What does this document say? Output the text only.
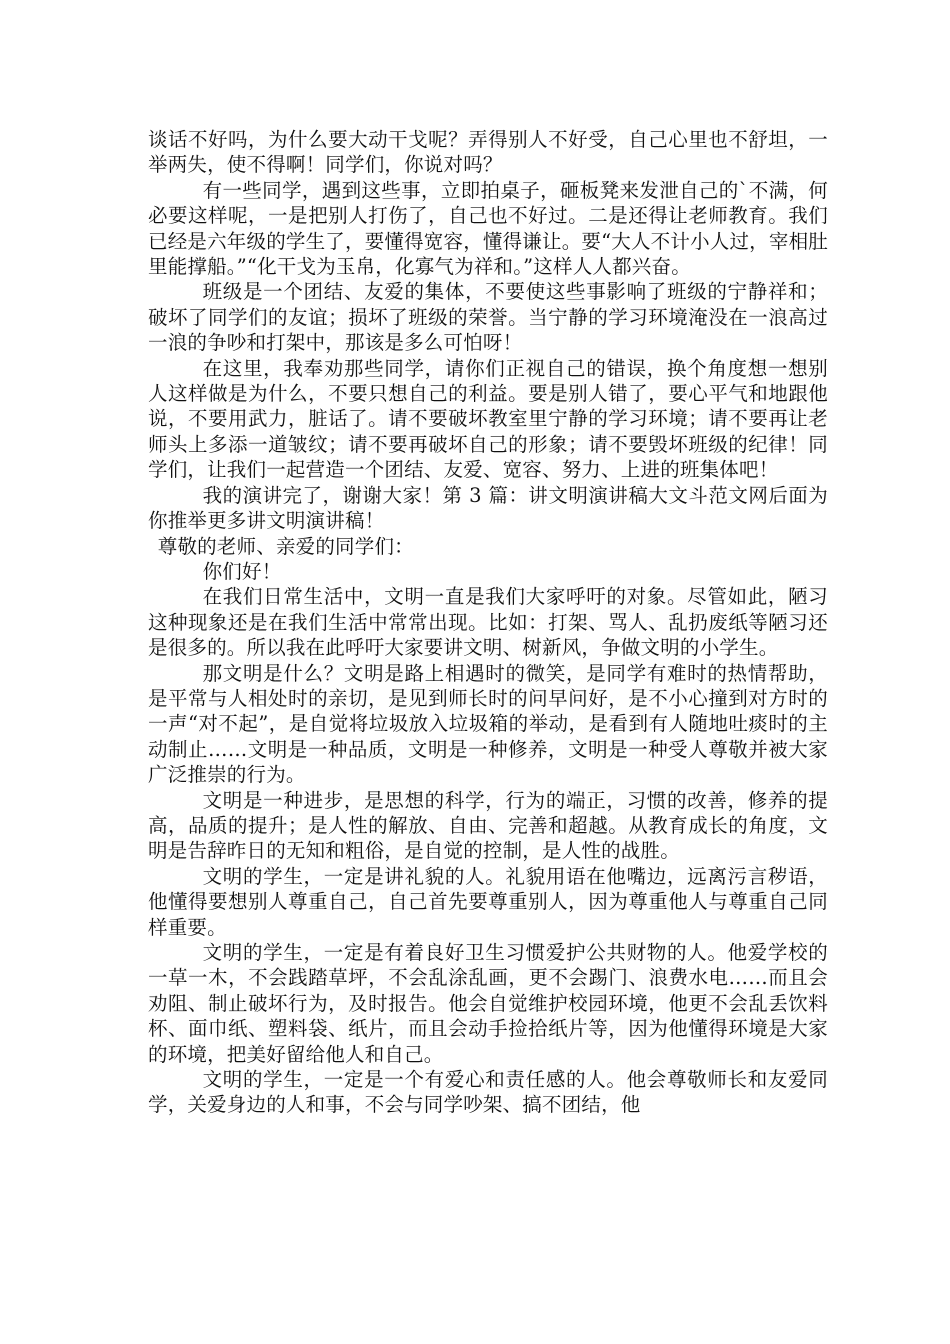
谈话不好吗，为什么要大动干戈呢？弄得别人不好受，自己心里也不舒坦，一举两失，使不得啊！同学们，你说对吗？

有一些同学，遇到这些事，立即拍桌子，砸板凳来发泄自己的`不满，何必要这样呢，一是把别人打伤了，自己也不好过。二是还得让老师教育。我们已经是六年级的学生了，要懂得宽容，懂得谦让。要“大人不计小人过，宰相肚里能撑船。”“化干戈为玉帛，化寡气为祥和。”这样人人都兴奋。

班级是一个团结、友爱的集体，不要使这些事影响了班级的宁静祥和；破坏了同学们的友谊；损坏了班级的荣誉。当宁静的学习环境淹没在一浪高过一浪的争吵和打架中，那该是多么可怕呀！

在这里，我奉劝那些同学，请你们正视自己的错误，换个角度想一想别人这样做是为什么，不要只想自己的利益。要是别人错了，要心平气和地跟他说，不要用武力，脏话了。请不要破坏教室里宁静的学习环境；请不要再让老师头上多添一道皱纹；请不要再破坏自己的形象；请不要毁坏班级的纪律！同学们，让我们一起营造一个团结、友爱、宽容、努力、上进的班集体吧！

我的演讲完了，谢谢大家！第 3 篇：讲文明演讲稿大文斗范文网后面为你推举更多讲文明演讲稿！

尊敬的老师、亲爱的同学们：

你们好！

在我们日常生活中，文明一直是我们大家呼吁的对象。尽管如此，陋习这种现象还是在我们生活中常常出现。比如：打架、骂人、乱扔废纸等陋习还是很多的。所以我在此呼吁大家要讲文明、树新风，争做文明的小学生。

那文明是什么？文明是路上相遇时的微笑，是同学有难时的热情帮助，是平常与人相处时的亲切，是见到师长时的问早问好，是不小心撞到对方时的一声“对不起”，是自觉将垃圾放入垃圾箱的举动，是看到有人随地吐痰时的主动制止……文明是一种品质，文明是一种修养，文明是一种受人尊敬并被大家广泛推崇的行为。

文明是一种进步，是思想的科学，行为的端正，习惯的改善，修养的提高，品质的提升；是人性的解放、自由、完善和超越。从教育成长的角度，文明是告辞昨日的无知和粗俗，是自觉的控制，是人性的战胜。

文明的学生，一定是讲礼貌的人。礼貌用语在他嘴边，远离污言秽语，他懂得要想别人尊重自己，自己首先要尊重别人，因为尊重他人与尊重自己同样重要。

文明的学生，一定是有着良好卫生习惯爱护公共财物的人。他爱学校的一草一木，不会践踏草坪，不会乱涂乱画，更不会踢门、浪费水电……而且会劝阻、制止破坏行为，及时报告。他会自觉维护校园环境，他更不会乱丢饮料杯、面巾纸、塑料袋、纸片，而且会动手捡拾纸片等，因为他懂得环境是大家的环境，把美好留给他人和自己。

文明的学生，一定是一个有爱心和责任感的人。他会尊敬师长和友爱同学，关爱身边的人和事，不会与同学吵架、搞不团结，他
